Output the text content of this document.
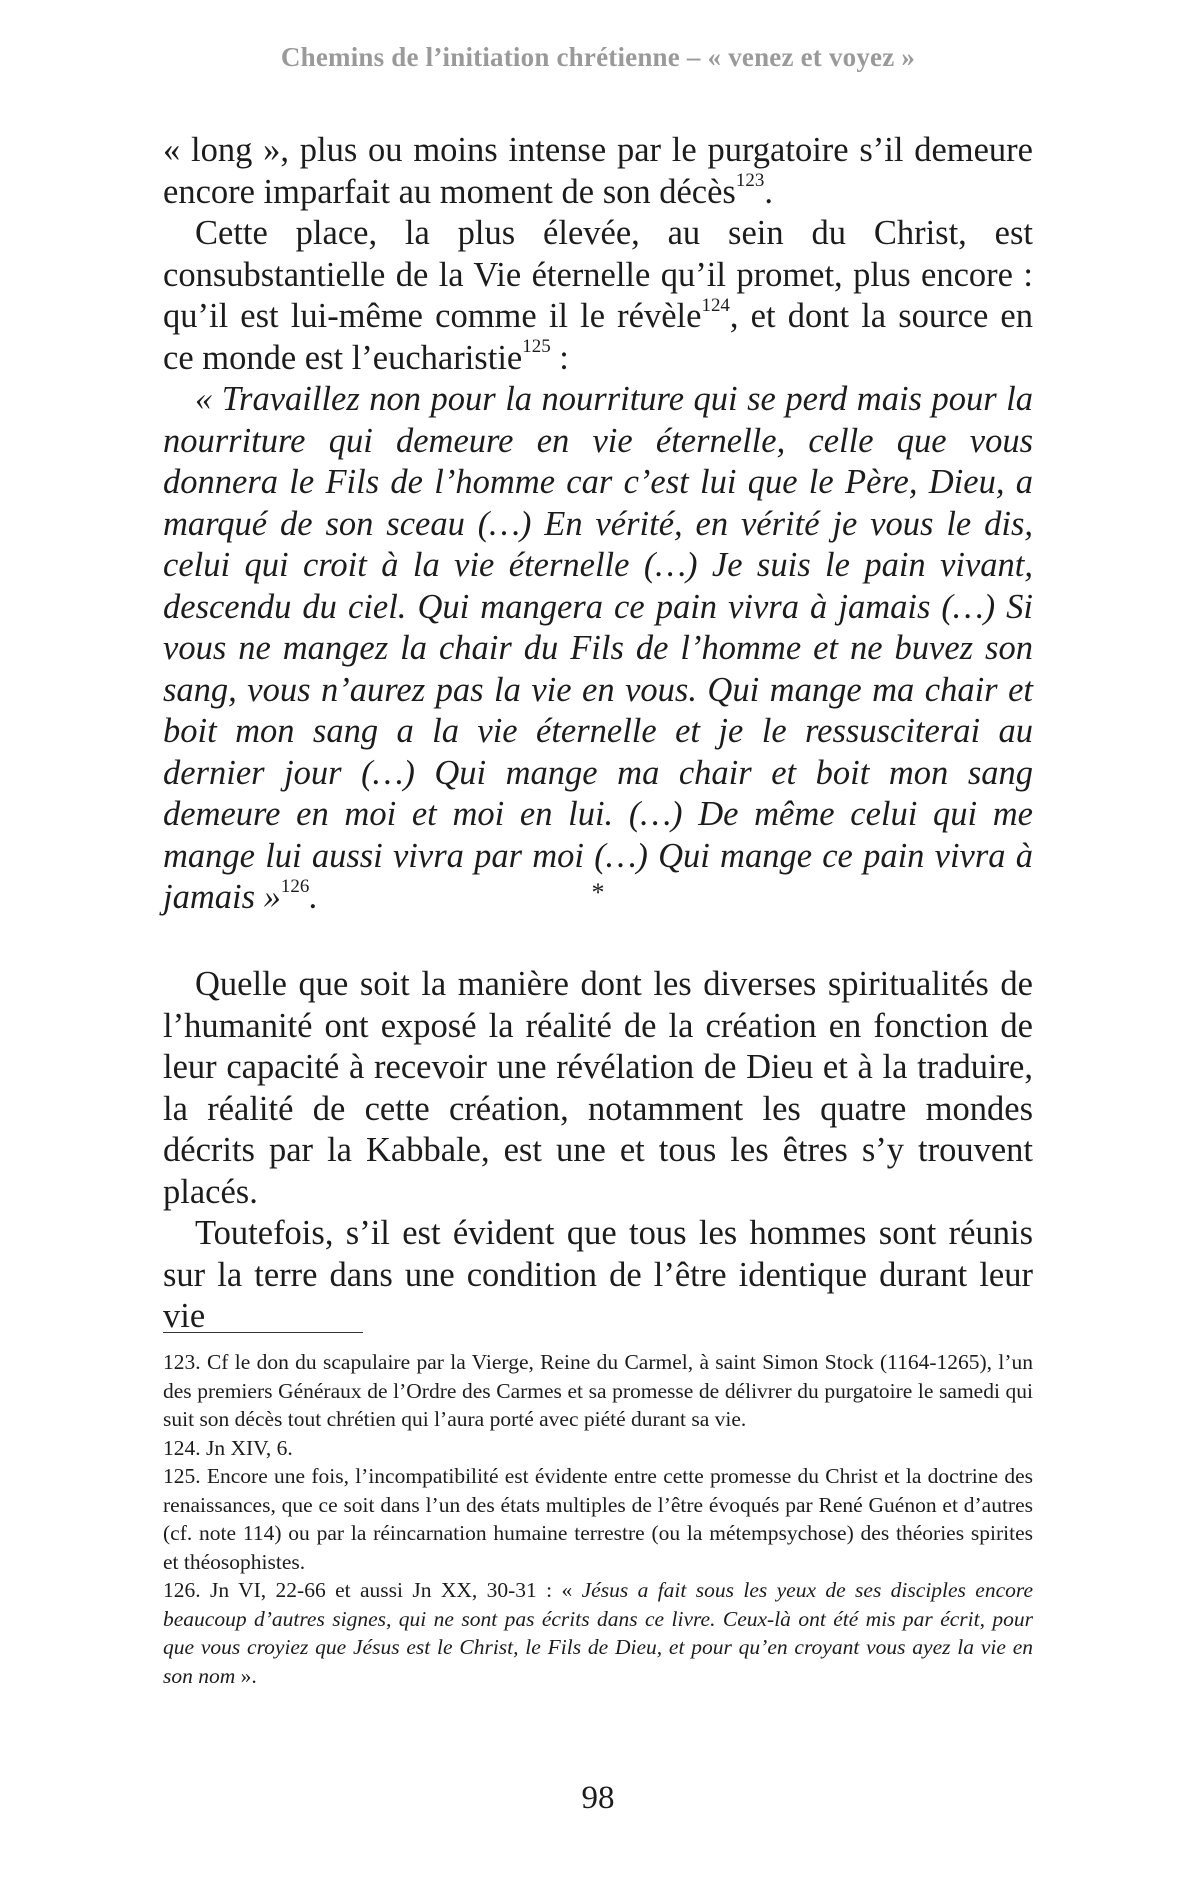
Chemins de l’initiation chrétienne – « venez et voyez »

« long », plus ou moins intense par le purgatoire s’il demeure encore imparfait au moment de son décès$^{123}$.

Cette place, la plus élevée, au sein du Christ, est consubstantielle de la Vie éternelle qu’il promet, plus encore : qu’il est lui-même comme il le révèle$^{124}$, et dont la source en ce monde est l’eucharistie$^{125}$ :

« Travaillez non pour la nourriture qui se perd mais pour la nourriture qui demeure en vie éternelle, celle que vous donnera le Fils de l’homme car c’est lui que le Père, Dieu, a marqué de son sceau (…) En vérité, en vérité je vous le dis, celui qui croit à la vie éternelle (…) Je suis le pain vivant, descendu du ciel. Qui mangera ce pain vivra à jamais (…) Si vous ne mangez la chair du Fils de l’homme et ne buvez son sang, vous n’aurez pas la vie en vous. Qui mange ma chair et boit mon sang a la vie éternelle et je le ressusciterai au dernier jour (…) Qui mange ma chair et boit mon sang demeure en moi et moi en lui. (…) De même celui qui me mange lui aussi vivra par moi (…) Qui mange ce pain vivra à jamais »$^{126}$.	*

Quelle que soit la manière dont les diverses spiritualités de l’humanité ont exposé la réalité de la création en fonction de leur capacité à recevoir une révélation de Dieu et à la traduire, la réalité de cette création, notamment les quatre mondes décrits par la Kabbale, est une et tous les êtres s’y trouvent placés.

Toutefois, s’il est évident que tous les hommes sont réunis sur la terre dans une condition de l’être identique durant leur vie

123. Cf le don du scapulaire par la Vierge, Reine du Carmel, à saint Simon Stock (1164-1265), l’un des premiers Généraux de l’Ordre des Carmes et sa promesse de délivrer du purgatoire le samedi qui suit son décès tout chrétien qui l’aura porté avec piété durant sa vie.

124. Jn XIV, 6.

125. Encore une fois, l’incompatibilité est évidente entre cette promesse du Christ et la doctrine des renaissances, que ce soit dans l’un des états multiples de l’être évoqués par René Guénon et d’autres (cf. note 114) ou par la réincarnation humaine terrestre (ou la métempsychose) des théories spirites et théosophistes.

126. Jn VI, 22-66 et aussi Jn XX, 30-31 : « Jésus a fait sous les yeux de ses disciples encore beaucoup d’autres signes, qui ne sont pas écrits dans ce livre. Ceux-là ont été mis par écrit, pour que vous croyiez que Jésus est le Christ, le Fils de Dieu, et pour qu’en croyant vous ayez la vie en son nom ».

98
